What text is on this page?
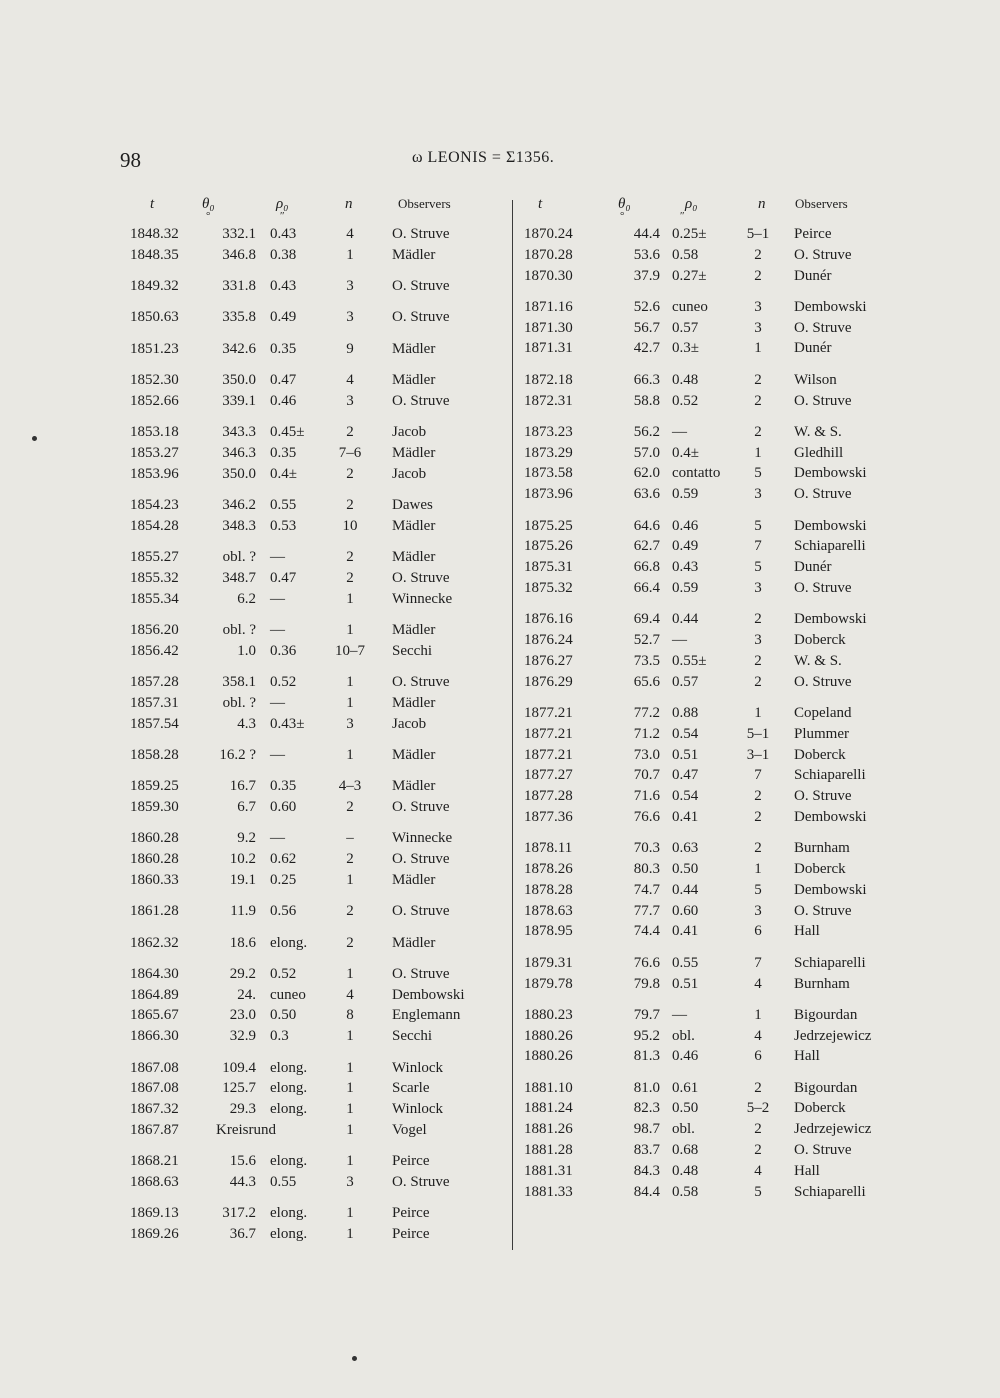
98	ω LEONIS = Σ1356.
t	θ₀
°
ρ₀
″
n	Observers
1848.32	332.1 0.43	4	O. Struve
1848.35	346.8 0.38	1	Mädler
1849.32	331.8 0.43	3	O. Struve
1850.63	335.8 0.49	3	O. Struve
1851.23	342.6 0.35	9	Mädler
1852.30	350.0 0.47	4	Mädler
1852.66	339.1 0.46	3	O. Struve
1853.18	343.3 0.45±	2	Jacob
1853.27	346.3 0.35	7–6	Mädler
1853.96	350.0 0.4±	2	Jacob
1854.23	346.2 0.55	2	Dawes
1854.28	348.3 0.53	10	Mädler
1855.27	obl. ? —	2	Mädler
1855.32	348.7 0.47	2	O. Struve
1855.34	6.2 —	1	Winnecke
1856.20	obl. ? —	1	Mädler
1856.42	1.0 0.36	10–7	Secchi
1857.28	358.1 0.52	1	O. Struve
1857.31	obl. ? —	1	Mädler
1857.54	4.3 0.43±	3	Jacob
1858.28	16.2 ? —	1	Mädler
1859.25	16.7 0.35	4–3	Mädler
1859.30	6.7 0.60	2	O. Struve
1860.28	9.2 —	–	Winnecke
1860.28	10.2 0.62	2	O. Struve
1860.33	19.1 0.25	1	Mädler
1861.28	11.9 0.56	2	O. Struve
1862.32	18.6 elong.	2	Mädler
1864.30	29.2 0.52	1	O. Struve
1864.89	24. cuneo	4	Dembowski
1865.67	23.0 0.50	8	Englemann
1866.30	32.9 0.3	1	Secchi
1867.08	109.4 elong.	1	Winlock
1867.08	125.7 elong.	1	Scarle
1867.32	29.3 elong.	1	Winlock
1867.87 Kreisrund	1	Vogel
1868.21	15.6 elong.	1	Peirce
1868.63	44.3 0.55	3	O. Struve
1869.13	317.2 elong.	1	Peirce
1869.26	36.7 elong.	1	Peirce
t	θ₀
°
ρ₀
″
n Observers
1870.24	44.4 0.25±	5–1	Peirce
1870.28	53.6 0.58	2	O. Struve
1870.30	37.9 0.27±	2	Dunér
1871.16	52.6 cuneo	3	Dembowski
1871.30	56.7 0.57	3	O. Struve
1871.31	42.7 0.3±	1	Dunér
1872.18	66.3 0.48	2	Wilson
1872.31	58.8 0.52	2	O. Struve
1873.23	56.2 —	2	W. & S.
1873.29	57.0 0.4±	1	Gledhill
1873.58	62.0 contatto	5	Dembowski
1873.96	63.6 0.59	3	O. Struve
1875.25	64.6 0.46	5	Dembowski
1875.26	62.7 0.49	7	Schiaparelli
1875.31	66.8 0.43	5	Dunér
1875.32	66.4 0.59	3	O. Struve
1876.16	69.4 0.44	2	Dembowski
1876.24	52.7 —	3	Doberck
1876.27	73.5 0.55±	2	W. & S.
1876.29	65.6 0.57	2	O. Struve
1877.21	77.2 0.88	1	Copeland
1877.21	71.2 0.54	5–1	Plummer
1877.21	73.0 0.51	3–1	Doberck
1877.27	70.7 0.47	7	Schiaparelli
1877.28	71.6 0.54	2	O. Struve
1877.36	76.6 0.41	2	Dembowski
1878.11	70.3 0.63	2	Burnham
1878.26	80.3 0.50	1	Doberck
1878.28	74.7 0.44	5	Dembowski
1878.63	77.7 0.60	3	O. Struve
1878.95	74.4 0.41	6	Hall
1879.31	76.6 0.55	7	Schiaparelli
1879.78	79.8 0.51	4	Burnham
1880.23	79.7 —	1	Bigourdan
1880.26	95.2 obl.	4	Jedrzejewicz
1880.26	81.3 0.46	6	Hall
1881.10	81.0 0.61	2	Bigourdan
1881.24	82.3 0.50	5–2	Doberck
1881.26	98.7 obl.	2	Jedrzejewicz
1881.28	83.7 0.68	2	O. Struve
1881.31	84.3 0.48	4	Hall
1881.33	84.4 0.58	5	Schiaparelli
